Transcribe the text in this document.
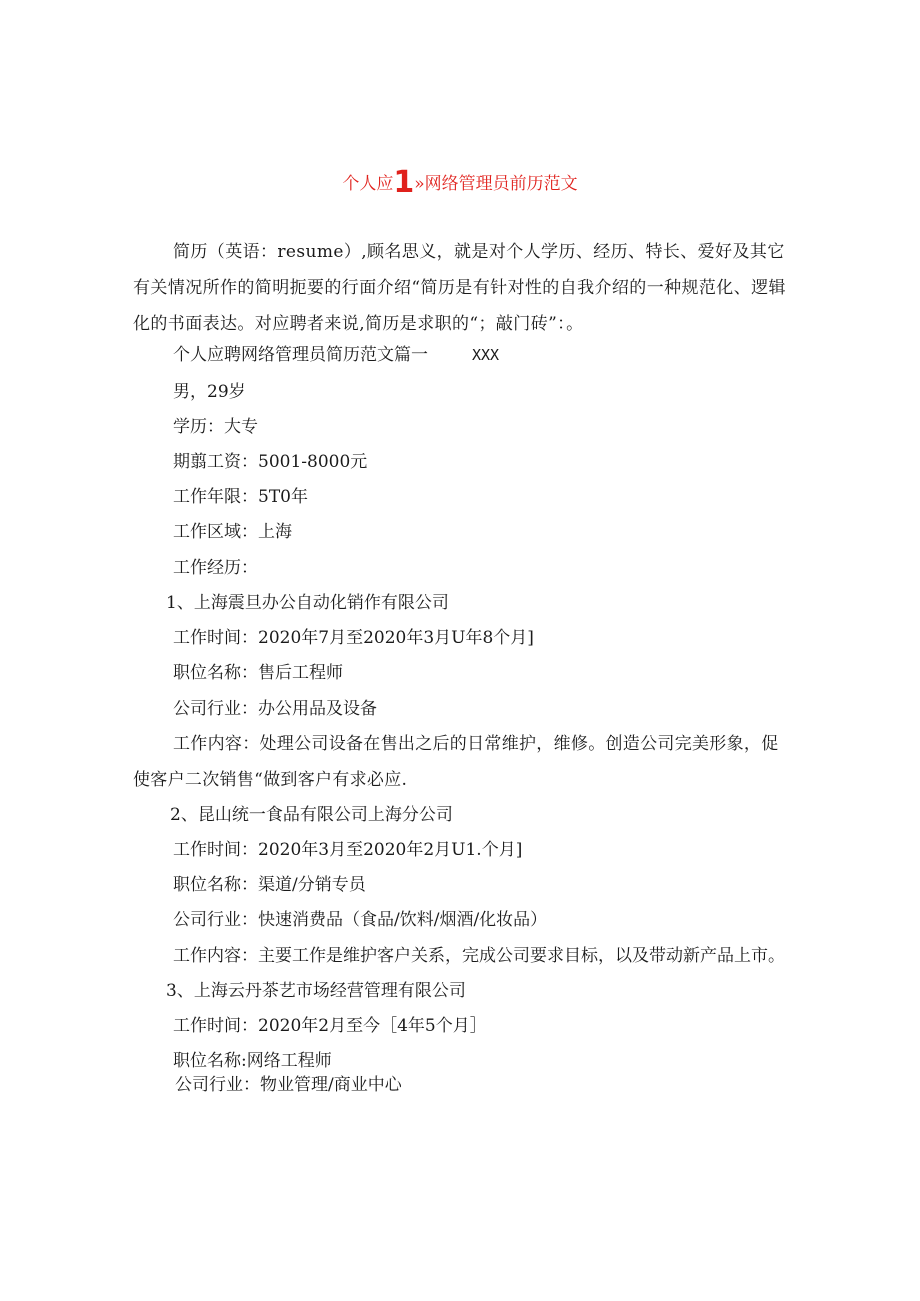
个人应1»网络管理员前历范文
简历（英语：resume）,顾名思义，就是对个人学历、经历、特长、爱好及其它有关情况所作的简明扼要的行面介绍“简历是有针对性的自我介绍的一种规范化、逻辑化的书面表达。对应聘者来说,简历是求职的“；敲门砖”：。
个人应聘网络管理员简历范文篇一	XXX
男，29岁
学历：大专
期翦工资：5001-8000元
工作年限：5T0年
工作区域：上海
工作经历：
1、上海震旦办公自动化销作有限公司
工作时间：2020年7月至2020年3月U年8个月]
职位名称：售后工程师
公司行业：办公用品及设备
工作内容：处理公司设备在售出之后的日常维护，维修。创造公司完美形象，促使客户二次销售“做到客户有求必应.
2、昆山统一食品有限公司上海分公司
工作时间：2020年3月至2020年2月U1.个月]
职位名称：渠道/分销专员
公司行业：快速消费品（食品/饮料/烟酒/化妆品）
工作内容：主要工作是维护客户关系，完成公司要求目标，以及带动新产品上市。
3、上海云丹茶艺市场经营管理有限公司
工作时间：2020年2月至今［4年5个月］
职位名称:网络工程师
公司行业：物业管理/商业中心
